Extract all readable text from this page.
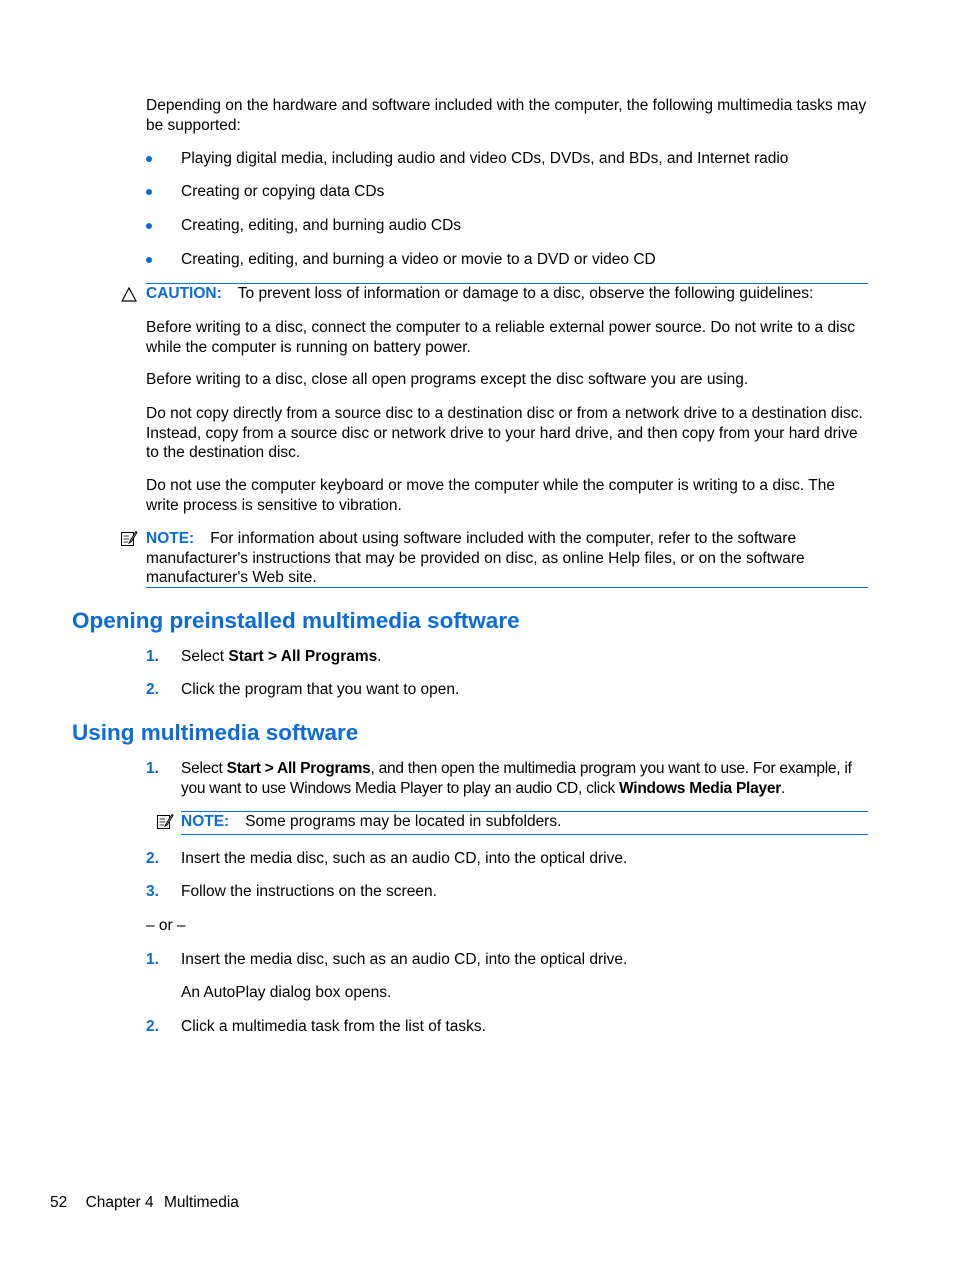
Depending on the hardware and software included with the computer, the following multimedia tasks may be supported:
Playing digital media, including audio and video CDs, DVDs, and BDs, and Internet radio
Creating or copying data CDs
Creating, editing, and burning audio CDs
Creating, editing, and burning a video or movie to a DVD or video CD
CAUTION: To prevent loss of information or damage to a disc, observe the following guidelines:
Before writing to a disc, connect the computer to a reliable external power source. Do not write to a disc while the computer is running on battery power.
Before writing to a disc, close all open programs except the disc software you are using.
Do not copy directly from a source disc to a destination disc or from a network drive to a destination disc. Instead, copy from a source disc or network drive to your hard drive, and then copy from your hard drive to the destination disc.
Do not use the computer keyboard or move the computer while the computer is writing to a disc. The write process is sensitive to vibration.
NOTE: For information about using software included with the computer, refer to the software manufacturer's instructions that may be provided on disc, as online Help files, or on the software manufacturer's Web site.
Opening preinstalled multimedia software
1. Select Start > All Programs.
2. Click the program that you want to open.
Using multimedia software
1. Select Start > All Programs, and then open the multimedia program you want to use. For example, if you want to use Windows Media Player to play an audio CD, click Windows Media Player.
NOTE: Some programs may be located in subfolders.
2. Insert the media disc, such as an audio CD, into the optical drive.
3. Follow the instructions on the screen.
– or –
1. Insert the media disc, such as an audio CD, into the optical drive.
An AutoPlay dialog box opens.
2. Click a multimedia task from the list of tasks.
52 Chapter 4 Multimedia
